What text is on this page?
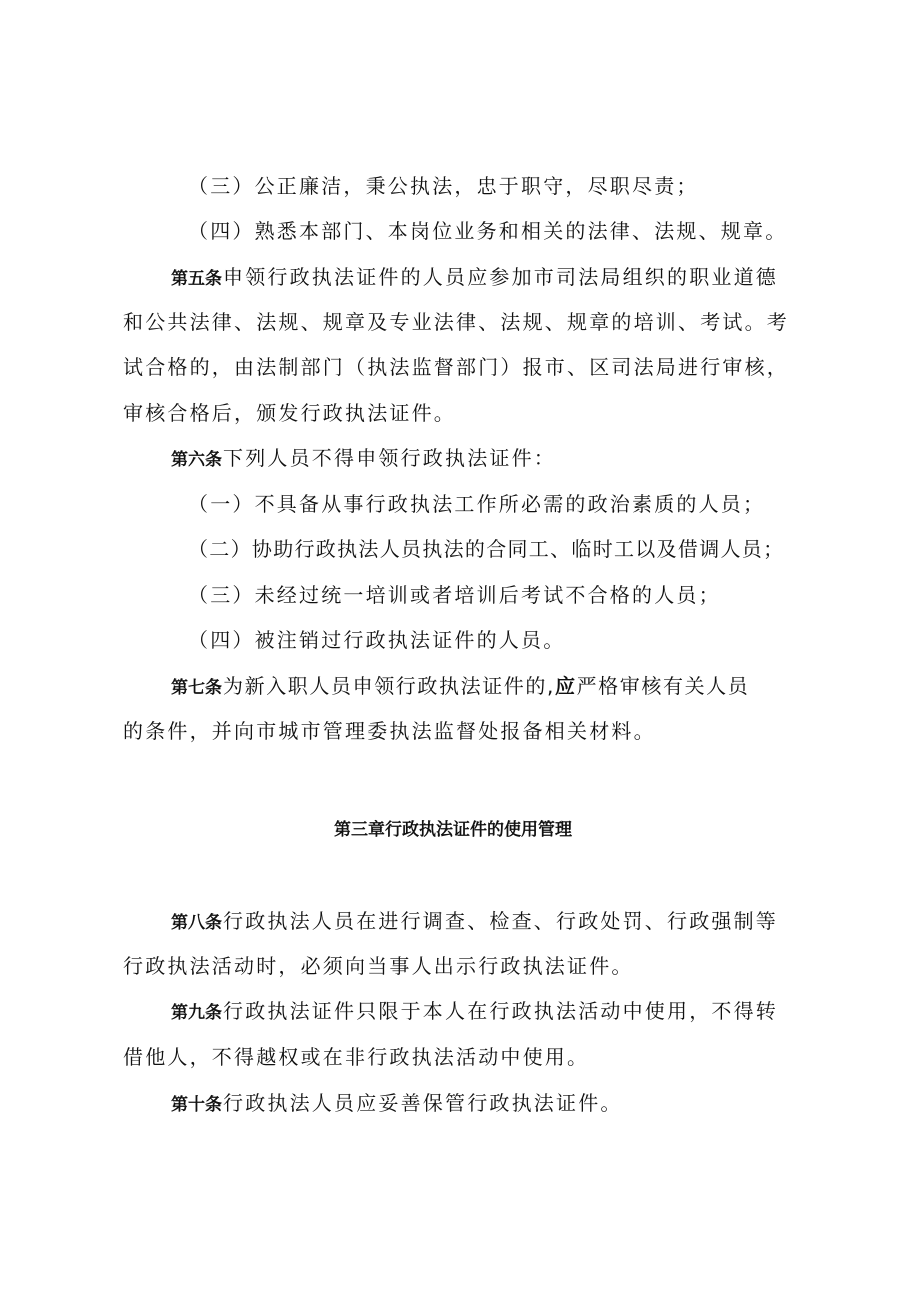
（三）公正廉洁，秉公执法，忠于职守，尽职尽责；
（四）熟悉本部门、本岗位业务和相关的法律、法规、规章。
第五条申领行政执法证件的人员应参加市司法局组织的职业道德
和公共法律、法规、规章及专业法律、法规、规章的培训、考试。考
试合格的，由法制部门（执法监督部门）报市、区司法局进行审核，
审核合格后，颁发行政执法证件。
第六条下列人员不得申领行政执法证件：
（一）不具备从事行政执法工作所必需的政治素质的人员；
（二）协助行政执法人员执法的合同工、临时工以及借调人员；
（三）未经过统一培训或者培训后考试不合格的人员；
（四）被注销过行政执法证件的人员。
第七条为新入职人员申领行政执法证件的,应严格审核有关人员
的条件，并向市城市管理委执法监督处报备相关材料。
第三章行政执法证件的使用管理
第八条行政执法人员在进行调查、检查、行政处罚、行政强制等
行政执法活动时，必须向当事人出示行政执法证件。
第九条行政执法证件只限于本人在行政执法活动中使用，不得转
借他人，不得越权或在非行政执法活动中使用。
第十条行政执法人员应妥善保管行政执法证件。
